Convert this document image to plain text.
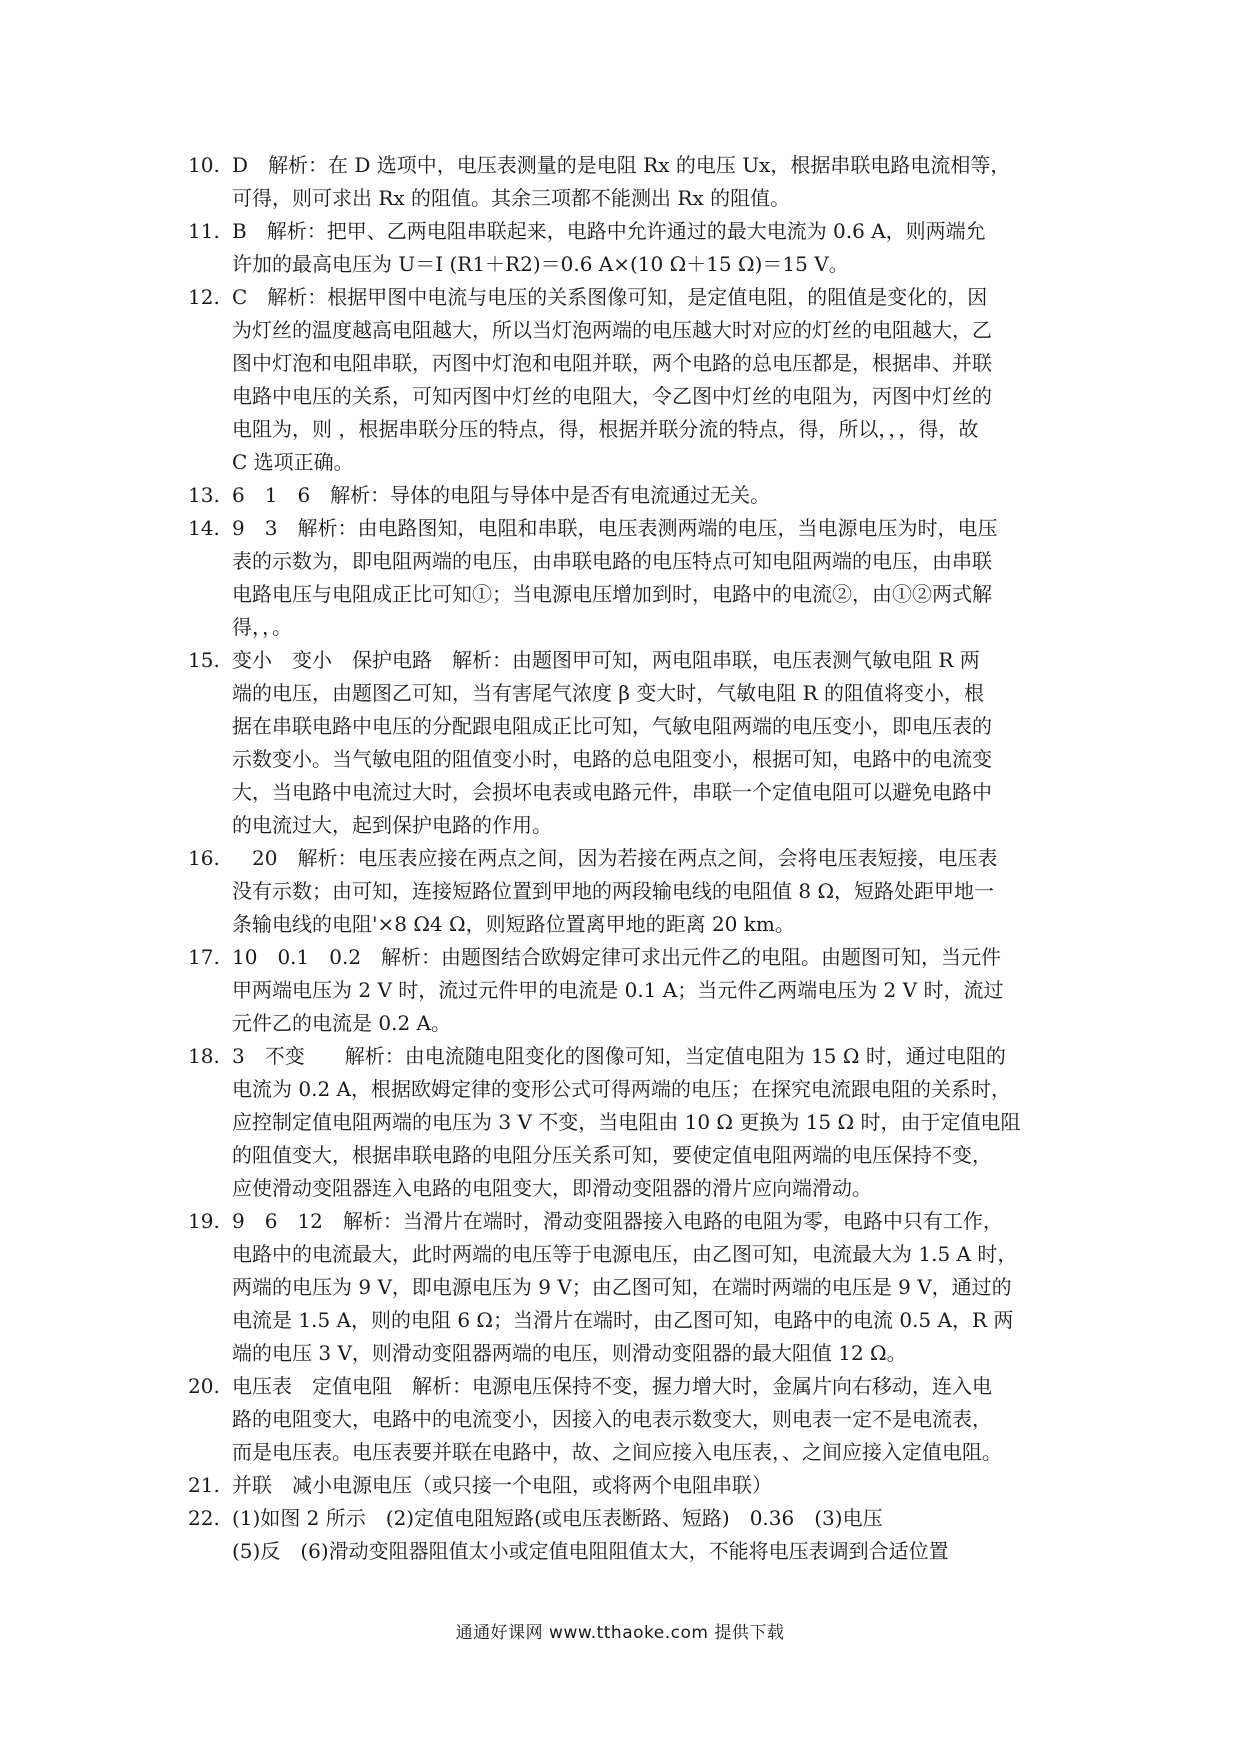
10. D　解析：在 D 选项中，电压表测量的是电阻 Rx 的电压 Ux，根据串联电路电流相等，
可得，则可求出 Rx 的阻值。其余三项都不能测出 Rx 的阻值。
11. B　解析：把甲、乙两电阻串联起来，电路中允许通过的最大电流为 0.6 A，则两端允
许加的最高电压为 U＝I (R1＋R2)＝0.6 A×(10 Ω＋15 Ω)＝15 V。
12. C　解析：根据甲图中电流与电压的关系图像可知，是定值电阻，的阻值是变化的，因
为灯丝的温度越高电阻越大，所以当灯泡两端的电压越大时对应的灯丝的电阻越大，乙
图中灯泡和电阻串联，丙图中灯泡和电阻并联，两个电路的总电压都是，根据串、并联
电路中电压的关系，可知丙图中灯丝的电阻大，令乙图中灯丝的电阻为，丙图中灯丝的
电阻为，则 ，根据串联分压的特点，得，根据并联分流的特点，得，所以，，，得，故
C 选项正确。
13. 6　1　6　解析：导体的电阻与导体中是否有电流通过无关。
14. 9　3　解析：由电路图知，电阻和串联，电压表测两端的电压，当电源电压为时，电压
表的示数为，即电阻两端的电压，由串联电路的电压特点可知电阻两端的电压，由串联
电路电压与电阻成正比可知①；当电源电压增加到时，电路中的电流②，由①②两式解
得，，。
15. 变小　变小　保护电路　解析：由题图甲可知，两电阻串联，电压表测气敏电阻 R 两
端的电压，由题图乙可知，当有害尾气浓度 β 变大时，气敏电阻 R 的阻值将变小，根
据在串联电路中电压的分配跟电阻成正比可知，气敏电阻两端的电压变小，即电压表的
示数变小。当气敏电阻的阻值变小时，电路的总电阻变小，根据可知，电路中的电流变
大，当电路中电流过大时，会损坏电表或电路元件，串联一个定值电阻可以避免电路中
的电流过大，起到保护电路的作用。
16. 　20　解析：电压表应接在两点之间，因为若接在两点之间，会将电压表短接，电压表
没有示数；由可知，连接短路位置到甲地的两段输电线的电阻值 8 Ω，短路处距甲地一
条输电线的电阻'×8 Ω4 Ω，则短路位置离甲地的距离 20 km。
17. 10　0.1　0.2　解析：由题图结合欧姆定律可求出元件乙的电阻。由题图可知，当元件
甲两端电压为 2 V 时，流过元件甲的电流是 0.1 A；当元件乙两端电压为 2 V 时，流过
元件乙的电流是 0.2 A。
18. 3　不变　　解析：由电流随电阻变化的图像可知，当定值电阻为 15 Ω 时，通过电阻的
电流为 0.2 A，根据欧姆定律的变形公式可得两端的电压；在探究电流跟电阻的关系时，
应控制定值电阻两端的电压为 3 V 不变，当电阻由 10 Ω 更换为 15 Ω 时，由于定值电阻
的阻值变大，根据串联电路的电阻分压关系可知，要使定值电阻两端的电压保持不变，
应使滑动变阻器连入电路的电阻变大，即滑动变阻器的滑片应向端滑动。
19. 9　6　12　解析：当滑片在端时，滑动变阻器接入电路的电阻为零，电路中只有工作，
电路中的电流最大，此时两端的电压等于电源电压，由乙图可知，电流最大为 1.5 A 时，
两端的电压为 9 V，即电源电压为 9 V；由乙图可知，在端时两端的电压是 9 V，通过的
电流是 1.5 A，则的电阻 6 Ω；当滑片在端时，由乙图可知，电路中的电流 0.5 A，R 两
端的电压 3 V，则滑动变阻器两端的电压，则滑动变阻器的最大阻值 12 Ω。
20. 电压表　定值电阻　解析：电源电压保持不变，握力增大时，金属片向右移动，连入电
路的电阻变大，电路中的电流变小，因接入的电表示数变大，则电表一定不是电流表，
而是电压表。电压表要并联在电路中，故、之间应接入电压表，、之间应接入定值电阻。
21. 并联　减小电源电压（或只接一个电阻，或将两个电阻串联）
22. (1)如图 2 所示　(2)定值电阻短路(或电压表断路、短路)　0.36　(3)电压
(5)反　(6)滑动变阻器阻值太小或定值电阻阻值太大，不能将电压表调到合适位置
通通好课网 www.tthaoke.com 提供下载
